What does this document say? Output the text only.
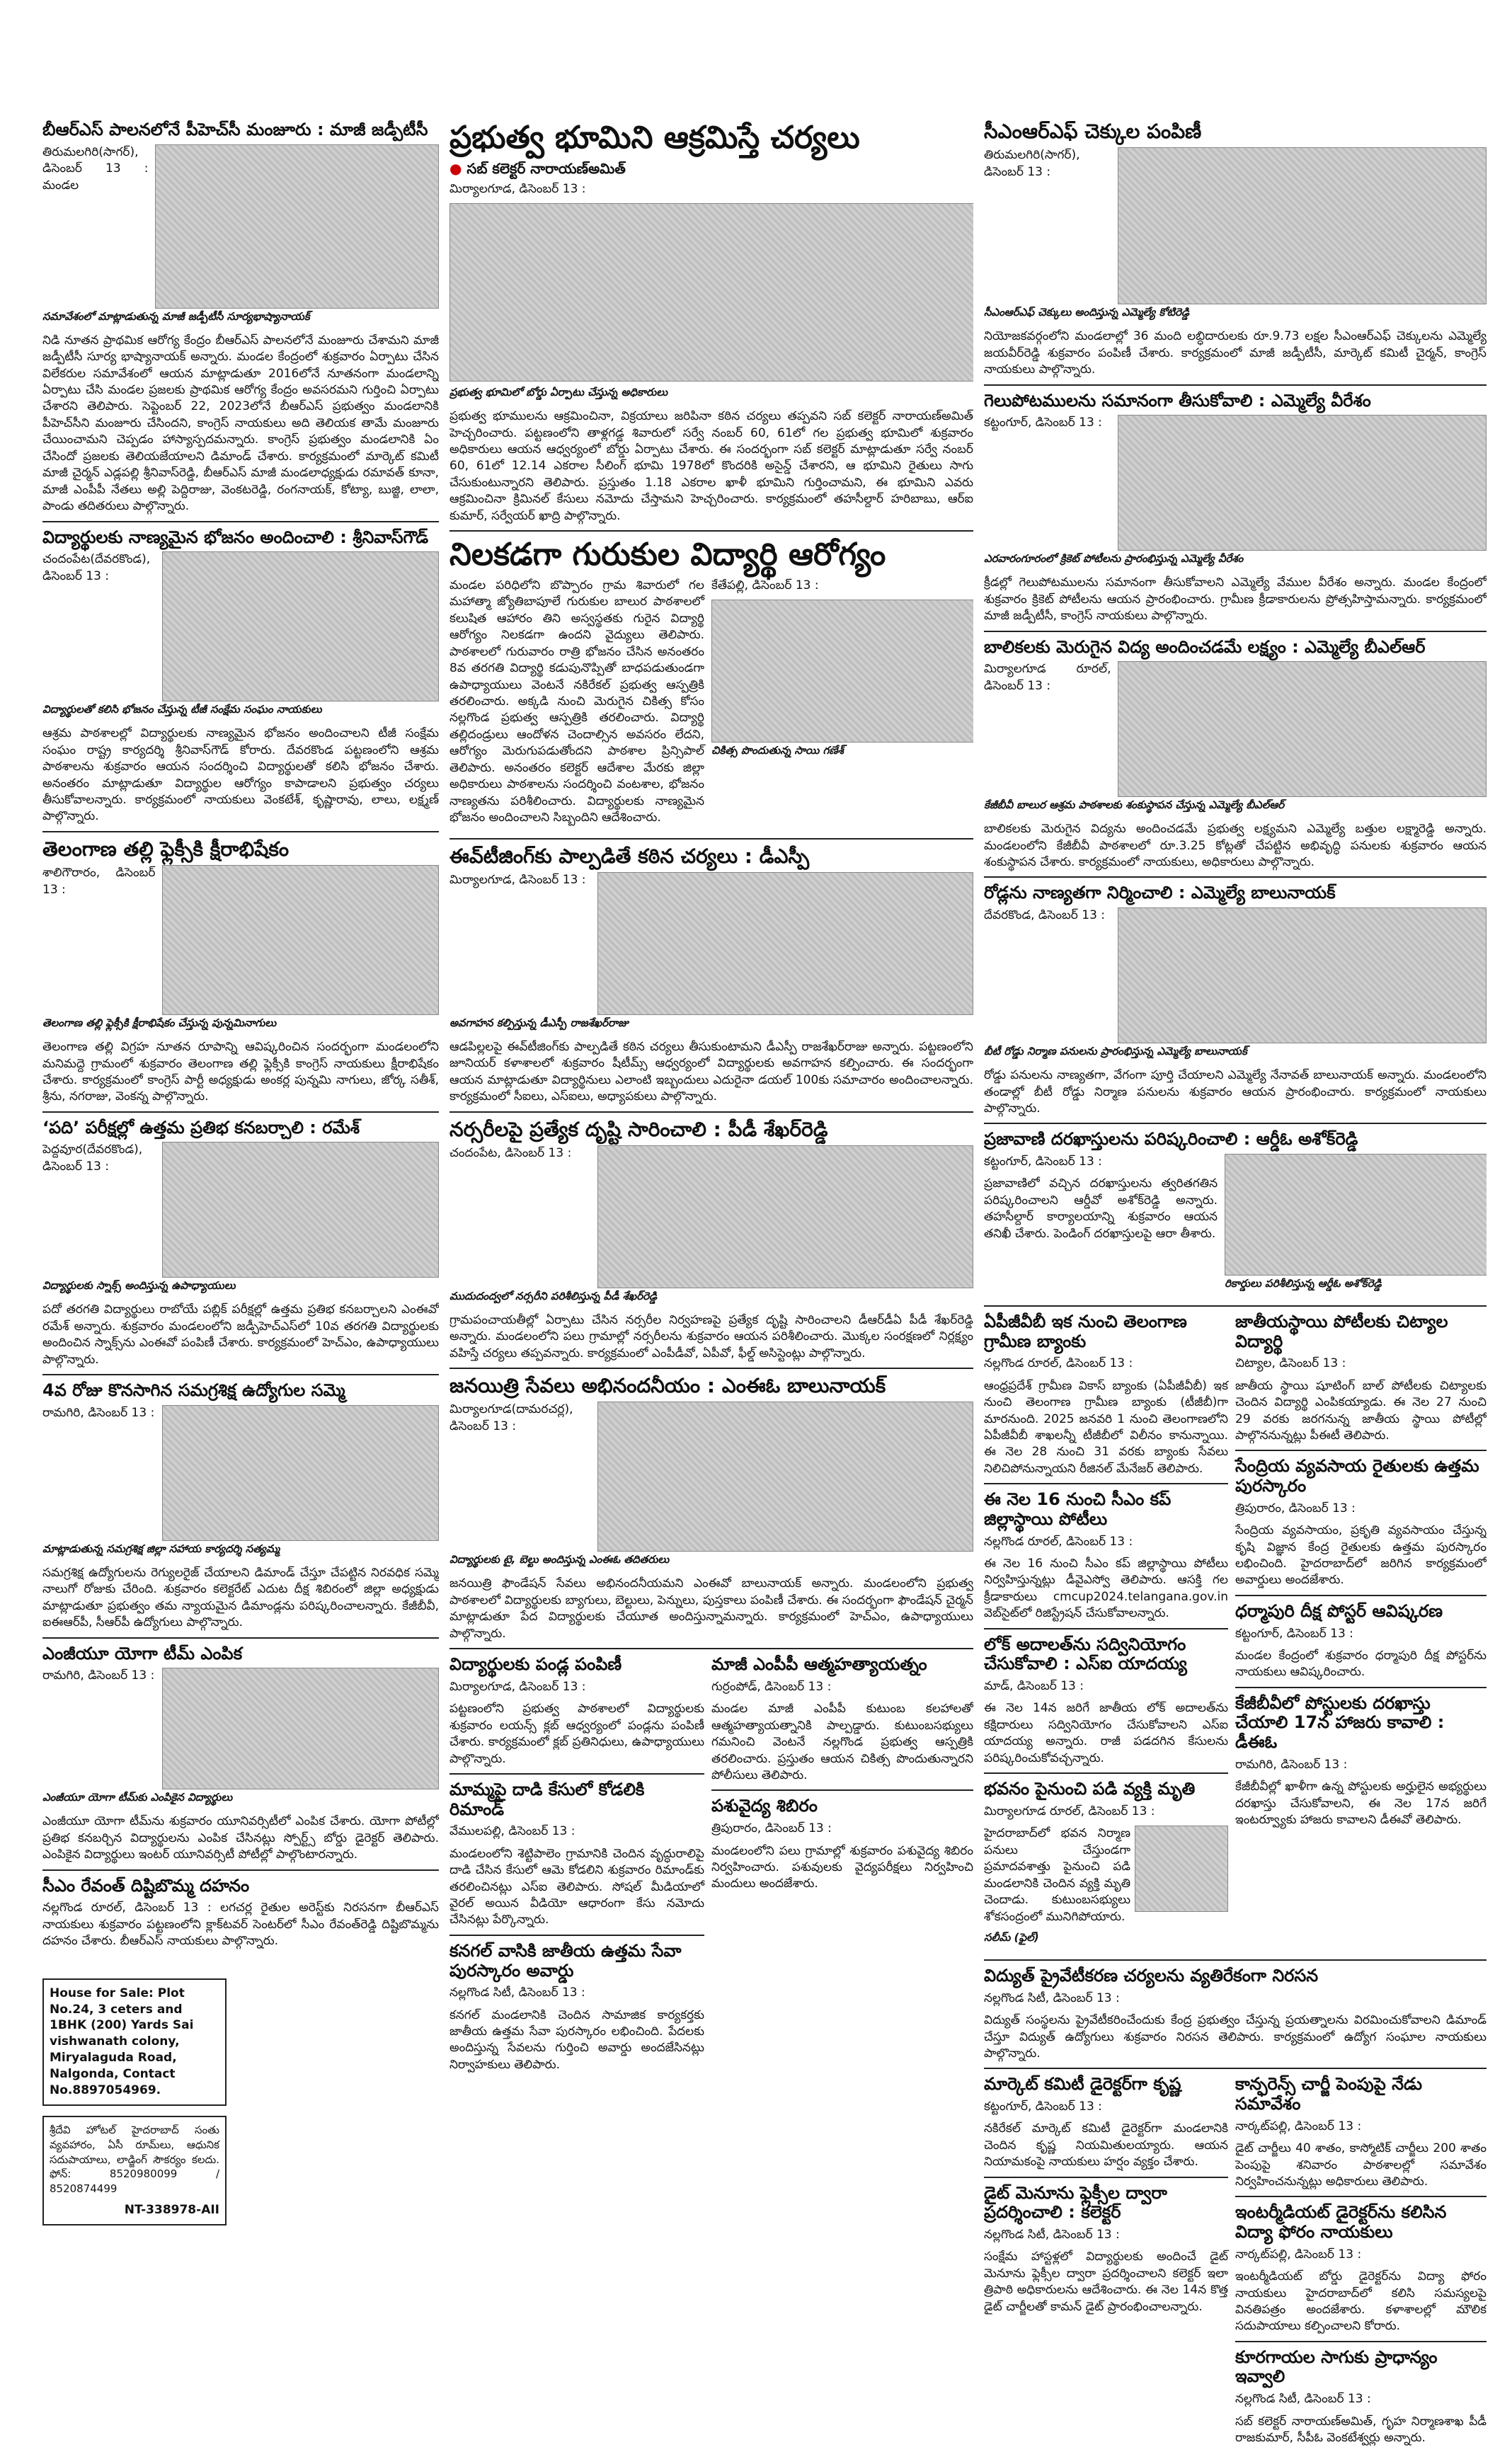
బీఆర్ఎస్ పాలనలోనే పీహెచ్‌సీ మంజూరు : మాజీ జడ్పీటీసీ
తిరుమలగిరి(సాగర్), డిసెంబర్ 13 : మండల
సమావేశంలో మాట్లాడుతున్న మాజీ జడ్పీటీసీ సూర్యభాష్యానాయక్
నిడి నూతన ప్రాథమిక ఆరోగ్య కేంద్రం బీఆర్ఎస్ పాలనలోనే మంజూరు చేశామని మాజీ జడ్పీటీసీ సూర్య భాష్యానాయక్ అన్నారు. మండల కేంద్రంలో శుక్రవారం ఏర్పాటు చేసిన విలేకరుల సమావేశంలో ఆయన మాట్లాడుతూ 2016లోనే నూతనంగా మండలాన్ని ఏర్పాటు చేసి మండల ప్రజలకు ప్రాథమిక ఆరోగ్య కేంద్రం అవసరమని గుర్తించి ఏర్పాటు చేశారని తెలిపారు. సెప్టెంబర్ 22, 2023లోనే బీఆర్ఎస్ ప్రభుత్వం మండలానికి పీహెచ్‌సీని మంజూరు చేసిందని, కాంగ్రెస్ నాయకులు అది తెలియక తామే మంజూరు చేయించామని చెప్పడం హాస్యాస్పదమన్నారు. కాంగ్రెస్ ప్రభుత్వం మండలానికి ఏం చేసిందో ప్రజలకు తెలియజేయాలని డిమాండ్ చేశారు. కార్యక్రమంలో మార్కెట్ కమిటీ మాజీ చైర్మన్ ఎడ్లపల్లి శ్రీనివాస్‌రెడ్డి, బీఆర్ఎస్ మాజీ మండలాధ్యక్షుడు రమావత్ కూనా, మాజీ ఎంపీపీ నేతలు అల్లి పెద్దిరాజు, వెంకటరెడ్డి, రంగనాయక్, కోట్యా, బుజ్జి, లాలా, పాండు తదితరులు పాల్గొన్నారు.
విద్యార్థులకు నాణ్యమైన భోజనం అందించాలి : శ్రీనివాస్‌గౌడ్
చందంపేట(దేవరకొండ), డిసెంబర్ 13 :
విద్యార్థులతో కలిసి భోజనం చేస్తున్న టీజీ సంక్షేమ సంఘం నాయకులు
ఆశ్రమ పాఠశాలల్లో విద్యార్థులకు నాణ్యమైన భోజనం అందించాలని టీజీ సంక్షేమ సంఘం రాష్ట్ర కార్యదర్శి శ్రీనివాస్‌గౌడ్ కోరారు. దేవరకొండ పట్టణంలోని ఆశ్రమ పాఠశాలను శుక్రవారం ఆయన సందర్శించి విద్యార్థులతో కలిసి భోజనం చేశారు. అనంతరం మాట్లాడుతూ విద్యార్థుల ఆరోగ్యం కాపాడాలని ప్రభుత్వం చర్యలు తీసుకోవాలన్నారు. కార్యక్రమంలో నాయకులు వెంకటేశ్, కృష్ణారావు, లాలు, లక్ష్మణ్ పాల్గొన్నారు.
తెలంగాణ తల్లి ఫ్లెక్సీకి క్షీరాభిషేకం
శాలిగౌరారం, డిసెంబర్ 13 :
తెలంగాణ తల్లి ఫ్లెక్సీకి క్షీరాభిషేకం చేస్తున్న పున్నమినాగులు
తెలంగాణ తల్లి విగ్రహ నూతన రూపాన్ని ఆవిష్కరించిన సందర్భంగా మండలంలోని మనిమద్దె గ్రామంలో శుక్రవారం తెలంగాణ తల్లి ఫ్లెక్సీకి కాంగ్రెస్ నాయకులు క్షీరాభిషేకం చేశారు. కార్యక్రమంలో కాంగ్రెస్ పార్టీ అధ్యక్షుడు అంకర్ల పున్నమి నాగులు, జోర్క సతీశ్, శ్రీను, నగరాజు, వెంకన్న పాల్గొన్నారు.
‘పది’ పరీక్షల్లో ఉత్తమ ప్రతిభ కనబర్చాలి : రమేశ్
పెద్దవూర(దేవరకొండ), డిసెంబర్ 13 :
విద్యార్థులకు స్నాక్స్ అందిస్తున్న ఉపాధ్యాయులు
పదో తరగతి విద్యార్థులు రాబోయే పబ్లిక్ పరీక్షల్లో ఉత్తమ ప్రతిభ కనబర్చాలని ఎంఈవో రమేశ్ అన్నారు. శుక్రవారం మండలంలోని జడ్పీహెచ్‌ఎస్‌లో 10వ తరగతి విద్యార్థులకు అందించిన స్నాక్స్‌ను ఎంఈవో పంపిణీ చేశారు. కార్యక్రమంలో హెచ్‌ఎం, ఉపాధ్యాయులు పాల్గొన్నారు.
4వ రోజు కొనసాగిన సమగ్రశిక్ష ఉద్యోగుల సమ్మె
రామగిరి, డిసెంబర్ 13 :
మాట్లాడుతున్న సమగ్రశిక్ష జిల్లా సహాయ కార్యదర్శి సత్యమ్మ
సమగ్రశిక్ష ఉద్యోగులను రెగ్యులరైజ్ చేయాలని డిమాండ్ చేస్తూ చేపట్టిన నిరవధిక సమ్మె నాలుగో రోజుకు చేరింది. శుక్రవారం కలెక్టరేట్ ఎదుట దీక్ష శిబిరంలో జిల్లా అధ్యక్షుడు మాట్లాడుతూ ప్రభుత్వం తమ న్యాయమైన డిమాండ్లను పరిష్కరించాలన్నారు. కేజీబీవీ, ఐఈఆర్‌పీ, సీఆర్‌పీ ఉద్యోగులు పాల్గొన్నారు.
ఎంజీయూ యోగా టీమ్ ఎంపిక
రామగిరి, డిసెంబర్ 13 :
ఎంజీయూ యోగా టీమ్‌కు ఎంపికైన విద్యార్థులు
ఎంజీయూ యోగా టీమ్‌ను శుక్రవారం యూనివర్సిటీలో ఎంపిక చేశారు. యోగా పోటీల్లో ప్రతిభ కనబర్చిన విద్యార్థులను ఎంపిక చేసినట్లు స్పోర్ట్స్ బోర్డు డైరెక్టర్ తెలిపారు. ఎంపికైన విద్యార్థులు ఇంటర్ యూనివర్సిటీ పోటీల్లో పాల్గొంటారన్నారు.
సీఎం రేవంత్ దిష్టిబొమ్మ దహనం
నల్లగొండ రూరల్, డిసెంబర్ 13 : లగచర్ల రైతుల అరెస్ట్‌కు నిరసనగా బీఆర్ఎస్ నాయకులు శుక్రవారం పట్టణంలోని క్లాక్‌టవర్ సెంటర్‌లో సీఎం రేవంత్‌రెడ్డి దిష్టిబొమ్మను దహనం చేశారు. బీఆర్ఎస్ నాయకులు పాల్గొన్నారు.
House for Sale: Plot No.24, 3 ceters and 1BHK (200) Yards Sai vishwanath colony, Miryalaguda Road, Nalgonda, Contact No.8897054969.
శ్రీదేవి హోటల్ హైదరాబాద్ సంతు వ్యవహారం, ఏసీ రూమ్‌లు, ఆధునిక సదుపాయాలు, లాడ్జింగ్ సౌకర్యం కలదు. ఫోన్: 8520980099 / 8520874499
NT-338978-AII
ప్రభుత్వ భూమిని ఆక్రమిస్తే చర్యలు
● సబ్ కలెక్టర్ నారాయణ్‌అమిత్
మిర్యాలగూడ, డిసెంబర్ 13 :
ప్రభుత్వ భూమిలో బోర్డు ఏర్పాటు చేస్తున్న అధికారులు
ప్రభుత్వ భూములను ఆక్రమించినా, విక్రయాలు జరిపినా కఠిన చర్యలు తప్పవని సబ్ కలెక్టర్ నారాయణ్‌అమిత్ హెచ్చరించారు. పట్టణంలోని తాళ్లగడ్డ శివారులో సర్వే నంబర్ 60, 61లో గల ప్రభుత్వ భూమిలో శుక్రవారం అధికారులు ఆయన ఆధ్వర్యంలో బోర్డు ఏర్పాటు చేశారు. ఈ సందర్భంగా సబ్ కలెక్టర్ మాట్లాడుతూ సర్వే నంబర్ 60, 61లో 12.14 ఎకరాల సీలింగ్ భూమి 1978లో కొందరికి అసైన్డ్ చేశారని, ఆ భూమిని రైతులు సాగు చేసుకుంటున్నారని తెలిపారు. ప్రస్తుతం 1.18 ఎకరాల ఖాళీ భూమిని గుర్తించామని, ఈ భూమిని ఎవరు ఆక్రమించినా క్రిమినల్ కేసులు నమోదు చేస్తామని హెచ్చరించారు. కార్యక్రమంలో తహసీల్దార్ హరిబాబు, ఆర్ఐ కుమార్, సర్వేయర్ ఖాద్రి పాల్గొన్నారు.
నిలకడగా గురుకుల విద్యార్థి ఆరోగ్యం
మండల పరిధిలోని బొప్పారం గ్రామ శివారులో గల మహాత్మా జ్యోతిబాపూలే గురుకుల బాలుర పాఠశాలలో కలుషిత ఆహారం తిని అస్వస్థతకు గురైన విద్యార్థి ఆరోగ్యం నిలకడగా ఉందని వైద్యులు తెలిపారు. పాఠశాలలో గురువారం రాత్రి భోజనం చేసిన అనంతరం 8వ తరగతి విద్యార్థి కడుపునొప్పితో బాధపడుతుండగా ఉపాధ్యాయులు వెంటనే నకిరేకల్ ప్రభుత్వ ఆస్పత్రికి తరలించారు. అక్కడి నుంచి మెరుగైన చికిత్స కోసం నల్లగొండ ప్రభుత్వ ఆస్పత్రికి తరలించారు. విద్యార్థి తల్లిదండ్రులు ఆందోళన చెందాల్సిన అవసరం లేదని, ఆరోగ్యం మెరుగుపడుతోందని పాఠశాల ప్రిన్సిపాల్ తెలిపారు. అనంతరం కలెక్టర్ ఆదేశాల మేరకు జిల్లా అధికారులు పాఠశాలను సందర్శించి వంటశాల, భోజనం నాణ్యతను పరిశీలించారు. విద్యార్థులకు నాణ్యమైన భోజనం అందించాలని సిబ్బందిని ఆదేశించారు.
కేతేపల్లి, డిసెంబర్ 13 :
చికిత్స పొందుతున్న సాయి గణేశ్
ఈవ్‌టీజింగ్‌కు పాల్పడితే కఠిన చర్యలు : డీఎస్పీ
మిర్యాలగూడ, డిసెంబర్ 13 :
అవగాహన కల్పిస్తున్న డీఎస్పీ రాజశేఖర్‌రాజు
ఆడపిల్లలపై ఈవ్‌టీజింగ్‌కు పాల్పడితే కఠిన చర్యలు తీసుకుంటామని డీఎస్పీ రాజశేఖర్‌రాజు అన్నారు. పట్టణంలోని జూనియర్ కళాశాలలో శుక్రవారం షీటీమ్స్ ఆధ్వర్యంలో విద్యార్థులకు అవగాహన కల్పించారు. ఈ సందర్భంగా ఆయన మాట్లాడుతూ విద్యార్థినులు ఎలాంటి ఇబ్బందులు ఎదురైనా డయల్ 100కు సమాచారం అందించాలన్నారు. కార్యక్రమంలో సీఐలు, ఎస్ఐలు, అధ్యాపకులు పాల్గొన్నారు.
నర్సరీలపై ప్రత్యేక దృష్టి సారించాలి : పీడీ శేఖర్‌రెడ్డి
చందంపేట, డిసెంబర్ 13 :
ముదుదంద్వలో నర్సరీని పరిశీలిస్తున్న పీడీ శేఖర్‌రెడ్డి
గ్రామపంచాయతీల్లో ఏర్పాటు చేసిన నర్సరీల నిర్వహణపై ప్రత్యేక దృష్టి సారించాలని డీఆర్‌డీఏ పీడీ శేఖర్‌రెడ్డి అన్నారు. మండలంలోని పలు గ్రామాల్లో నర్సరీలను శుక్రవారం ఆయన పరిశీలించారు. మొక్కల సంరక్షణలో నిర్లక్ష్యం వహిస్తే చర్యలు తప్పవన్నారు. కార్యక్రమంలో ఎంపీడీవో, ఏపీవో, ఫీల్డ్ అసిస్టెంట్లు పాల్గొన్నారు.
జనయిత్రి సేవలు అభినందనీయం : ఎంఈఓ బాలునాయక్
మిర్యాలగూడ(దామరచర్ల), డిసెంబర్ 13 :
విద్యార్థులకు టై, బెల్టు అందిస్తున్న ఎంఈఓ తదితరులు
జనయిత్రి ఫౌండేషన్ సేవలు అభినందనీయమని ఎంఈవో బాలునాయక్ అన్నారు. మండలంలోని ప్రభుత్వ పాఠశాలలో విద్యార్థులకు బ్యాగులు, బెల్టులు, పెన్నులు, పుస్తకాలు పంపిణీ చేశారు. ఈ సందర్భంగా ఫౌండేషన్ చైర్మన్ మాట్లాడుతూ పేద విద్యార్థులకు చేయూత అందిస్తున్నామన్నారు. కార్యక్రమంలో హెచ్‌ఎం, ఉపాధ్యాయులు పాల్గొన్నారు.
విద్యార్థులకు పండ్ల పంపిణీ
మిర్యాలగూడ, డిసెంబర్ 13 :
పట్టణంలోని ప్రభుత్వ పాఠశాలలో విద్యార్థులకు శుక్రవారం లయన్స్ క్లబ్ ఆధ్వర్యంలో పండ్లను పంపిణీ చేశారు. కార్యక్రమంలో క్లబ్ ప్రతినిధులు, ఉపాధ్యాయులు పాల్గొన్నారు.
మామ్మపై దాడి కేసులో కోడలికి రిమాండ్
వేములపల్లి, డిసెంబర్ 13 :
మండలంలోని శెట్టిపాలెం గ్రామానికి చెందిన వృద్ధురాలిపై దాడి చేసిన కేసులో ఆమె కోడలిని శుక్రవారం రిమాండ్‌కు తరలించినట్లు ఎస్ఐ తెలిపారు. సోషల్ మీడియాలో వైరల్ అయిన వీడియో ఆధారంగా కేసు నమోదు చేసినట్లు పేర్కొన్నారు.
కనగల్ వాసికి జాతీయ ఉత్తమ సేవా పురస్కారం అవార్డు
నల్లగొండ సిటీ, డిసెంబర్ 13 :
కనగల్ మండలానికి చెందిన సామాజిక కార్యకర్తకు జాతీయ ఉత్తమ సేవా పురస్కారం లభించింది. పేదలకు అందిస్తున్న సేవలను గుర్తించి అవార్డు అందజేసినట్లు నిర్వాహకులు తెలిపారు.
మాజీ ఎంపీపీ ఆత్మహత్యాయత్నం
గుర్రంపోడ్, డిసెంబర్ 13 :
మండల మాజీ ఎంపీపీ కుటుంబ కలహాలతో ఆత్మహత్యాయత్నానికి పాల్పడ్డారు. కుటుంబసభ్యులు గమనించి వెంటనే నల్లగొండ ప్రభుత్వ ఆస్పత్రికి తరలించారు. ప్రస్తుతం ఆయన చికిత్స పొందుతున్నారని పోలీసులు తెలిపారు.
పశువైద్య శిబిరం
త్రిపురారం, డిసెంబర్ 13 :
మండలంలోని పలు గ్రామాల్లో శుక్రవారం పశువైద్య శిబిరం నిర్వహించారు. పశువులకు వైద్యపరీక్షలు నిర్వహించి మందులు అందజేశారు.
సీఎంఆర్ఎఫ్ చెక్కుల పంపిణీ
తిరుమలగిరి(సాగర్), డిసెంబర్ 13 :
సీఎంఆర్ఎఫ్ చెక్కులు అందిస్తున్న ఎమ్మెల్యే కోటిరెడ్డి
నియోజకవర్గంలోని మండలాల్లో 36 మంది లబ్ధిదారులకు రూ.9.73 లక్షల సీఎంఆర్ఎఫ్ చెక్కులను ఎమ్మెల్యే జయవీర్‌రెడ్డి శుక్రవారం పంపిణీ చేశారు. కార్యక్రమంలో మాజీ జడ్పీటీసీ, మార్కెట్ కమిటీ చైర్మన్, కాంగ్రెస్ నాయకులు పాల్గొన్నారు.
గెలుపోటములను సమానంగా తీసుకోవాలి : ఎమ్మెల్యే వీరేశం
కట్టంగూర్, డిసెంబర్ 13 :
ఎరవారంగూరంలో క్రికెట్ పోటీలను ప్రారంభిస్తున్న ఎమ్మెల్యే వీరేశం
క్రీడల్లో గెలుపోటములను సమానంగా తీసుకోవాలని ఎమ్మెల్యే వేముల వీరేశం అన్నారు. మండల కేంద్రంలో శుక్రవారం క్రికెట్ పోటీలను ఆయన ప్రారంభించారు. గ్రామీణ క్రీడాకారులను ప్రోత్సహిస్తామన్నారు. కార్యక్రమంలో మాజీ జడ్పీటీసీ, కాంగ్రెస్ నాయకులు పాల్గొన్నారు.
బాలికలకు మెరుగైన విద్య అందించడమే లక్ష్యం : ఎమ్మెల్యే బీఎల్ఆర్
మిర్యాలగూడ రూరల్, డిసెంబర్ 13 :
కేజీబీవీ బాలుర ఆశ్రమ పాఠశాలకు శంకుస్థాపన చేస్తున్న ఎమ్మెల్యే బీఎల్ఆర్
బాలికలకు మెరుగైన విద్యను అందించడమే ప్రభుత్వ లక్ష్యమని ఎమ్మెల్యే బత్తుల లక్ష్మారెడ్డి అన్నారు. మండలంలోని కేజీబీవీ పాఠశాలలో రూ.3.25 కోట్లతో చేపట్టిన అభివృద్ధి పనులకు శుక్రవారం ఆయన శంకుస్థాపన చేశారు. కార్యక్రమంలో నాయకులు, అధికారులు పాల్గొన్నారు.
రోడ్లను నాణ్యతగా నిర్మించాలి : ఎమ్మెల్యే బాలునాయక్
దేవరకొండ, డిసెంబర్ 13 :
బీటీ రోడ్డు నిర్మాణ పనులను ప్రారంభిస్తున్న ఎమ్మెల్యే బాలునాయక్
రోడ్డు పనులను నాణ్యతగా, వేగంగా పూర్తి చేయాలని ఎమ్మెల్యే నేనావత్ బాలునాయక్ అన్నారు. మండలంలోని తండాల్లో బీటీ రోడ్డు నిర్మాణ పనులను శుక్రవారం ఆయన ప్రారంభించారు. కార్యక్రమంలో నాయకులు పాల్గొన్నారు.
ప్రజావాణి దరఖాస్తులను పరిష్కరించాలి : ఆర్డీఓ అశోక్‌రెడ్డి
కట్టంగూర్, డిసెంబర్ 13 :
ప్రజావాణిలో వచ్చిన దరఖాస్తులను త్వరితగతిన పరిష్కరించాలని ఆర్డీవో అశోక్‌రెడ్డి అన్నారు. తహసీల్దార్ కార్యాలయాన్ని శుక్రవారం ఆయన తనిఖీ చేశారు. పెండింగ్ దరఖాస్తులపై ఆరా తీశారు.
రికార్డులు పరిశీలిస్తున్న ఆర్డీఓ అశోక్‌రెడ్డి
ఏపీజీవీబీ ఇక నుంచి తెలంగాణ గ్రామీణ బ్యాంకు
నల్లగొండ రూరల్, డిసెంబర్ 13 :
ఆంధ్రప్రదేశ్ గ్రామీణ వికాస్ బ్యాంకు (ఏపీజీవీబీ) ఇక నుంచి తెలంగాణ గ్రామీణ బ్యాంకు (టీజీబీ)గా మారనుంది. 2025 జనవరి 1 నుంచి తెలంగాణలోని ఏపీజీవీబీ శాఖలన్నీ టీజీబీలో విలీనం కానున్నాయి. ఈ నెల 28 నుంచి 31 వరకు బ్యాంకు సేవలు నిలిచిపోనున్నాయని రీజినల్ మేనేజర్ తెలిపారు.
ఈ నెల 16 నుంచి సీఎం కప్ జిల్లాస్థాయి పోటీలు
నల్లగొండ రూరల్, డిసెంబర్ 13 :
ఈ నెల 16 నుంచి సీఎం కప్ జిల్లాస్థాయి పోటీలు నిర్వహిస్తున్నట్లు డీవైఎస్వో తెలిపారు. ఆసక్తి గల క్రీడాకారులు cmcup2024.telangana.gov.in వెబ్‌సైట్‌లో రిజిస్ట్రేషన్ చేసుకోవాలన్నారు.
లోక్ అదాలత్‌ను సద్వినియోగం చేసుకోవాలి : ఎస్ఐ యాదయ్య
మాడ్, డిసెంబర్ 13 :
ఈ నెల 14న జరిగే జాతీయ లోక్ అదాలత్‌ను కక్షిదారులు సద్వినియోగం చేసుకోవాలని ఎస్ఐ యాదయ్య అన్నారు. రాజీ పడదగిన కేసులను పరిష్కరించుకోవచ్చన్నారు.
భవనం పైనుంచి పడి వ్యక్తి మృతి
మిర్యాలగూడ రూరల్, డిసెంబర్ 13 :
హైదరాబాద్‌లో భవన నిర్మాణ పనులు చేస్తుండగా ప్రమాదవశాత్తు పైనుంచి పడి మండలానికి చెందిన వ్యక్తి మృతి చెందాడు. కుటుంబసభ్యులు శోకసంద్రంలో మునిగిపోయారు.
సలీమ్ (ఫైల్)
జాతీయస్థాయి పోటీలకు చిట్యాల విద్యార్థి
చిట్యాల, డిసెంబర్ 13 :
జాతీయ స్థాయి షూటింగ్ బాల్ పోటీలకు చిట్యాలకు చెందిన విద్యార్థి ఎంపికయ్యాడు. ఈ నెల 27 నుంచి 29 వరకు జరగనున్న జాతీయ స్థాయి పోటీల్లో పాల్గొననున్నట్లు పీఈటీ తెలిపారు.
సేంద్రియ వ్యవసాయ రైతులకు ఉత్తమ పురస్కారం
త్రిపురారం, డిసెంబర్ 13 :
సేంద్రియ వ్యవసాయం, ప్రకృతి వ్యవసాయం చేస్తున్న కృషి విజ్ఞాన కేంద్ర రైతులకు ఉత్తమ పురస్కారం లభించింది. హైదరాబాద్‌లో జరిగిన కార్యక్రమంలో అవార్డులు అందజేశారు.
ధర్మాపురి దీక్ష పోస్టర్ ఆవిష్కరణ
కట్టంగూర్, డిసెంబర్ 13 :
మండల కేంద్రంలో శుక్రవారం ధర్మాపురి దీక్ష పోస్టర్‌ను నాయకులు ఆవిష్కరించారు.
కేజీబీవీలో పోస్టులకు దరఖాస్తు చేయాలి 17న హాజరు కావాలి : డీఈఓ
రామగిరి, డిసెంబర్ 13 :
కేజీబీవీల్లో ఖాళీగా ఉన్న పోస్టులకు అర్హులైన అభ్యర్థులు దరఖాస్తు చేసుకోవాలని, ఈ నెల 17న జరిగే ఇంటర్వ్యూకు హాజరు కావాలని డీఈవో తెలిపారు.
విద్యుత్ ప్రైవేటీకరణ చర్యలను వ్యతిరేకంగా నిరసన
నల్లగొండ సిటీ, డిసెంబర్ 13 :
విద్యుత్ సంస్థలను ప్రైవేటీకరించేందుకు కేంద్ర ప్రభుత్వం చేస్తున్న ప్రయత్నాలను విరమించుకోవాలని డిమాండ్ చేస్తూ విద్యుత్ ఉద్యోగులు శుక్రవారం నిరసన తెలిపారు. కార్యక్రమంలో ఉద్యోగ సంఘాల నాయకులు పాల్గొన్నారు.
మార్కెట్ కమిటీ డైరెక్టర్‌గా కృష్ణ
కట్టంగూర్, డిసెంబర్ 13 :
నకిరేకల్ మార్కెట్ కమిటీ డైరెక్టర్‌గా మండలానికి చెందిన కృష్ణ నియమితులయ్యారు. ఆయన నియామకంపై నాయకులు హర్షం వ్యక్తం చేశారు.
డైట్ మెనూను ఫ్లెక్సీల ద్వారా ప్రదర్శించాలి : కలెక్టర్
నల్లగొండ సిటీ, డిసెంబర్ 13 :
సంక్షేమ హాస్టళ్లలో విద్యార్థులకు అందించే డైట్ మెనూను ఫ్లెక్సీల ద్వారా ప్రదర్శించాలని కలెక్టర్ ఇలా త్రిపాఠి అధికారులను ఆదేశించారు. ఈ నెల 14న కొత్త డైట్ చార్జీలతో కామన్ డైట్ ప్రారంభించాలన్నారు.
కాన్ఫరెన్స్ చార్జీ పెంపుపై నేడు సమావేశం
నార్కట్‌పల్లి, డిసెంబర్ 13 :
డైట్ చార్జీలు 40 శాతం, కాస్మోటిక్ చార్జీలు 200 శాతం పెంపుపై శనివారం పాఠశాలల్లో సమావేశం నిర్వహించనున్నట్లు అధికారులు తెలిపారు.
ఇంటర్మీడియట్ డైరెక్టర్‌ను కలిసిన విద్యా ఫోరం నాయకులు
నార్కట్‌పల్లి, డిసెంబర్ 13 :
ఇంటర్మీడియట్ బోర్డు డైరెక్టర్‌ను విద్యా ఫోరం నాయకులు హైదరాబాద్‌లో కలిసి సమస్యలపై వినతిపత్రం అందజేశారు. కళాశాలల్లో మౌలిక సదుపాయాలు కల్పించాలని కోరారు.
కూరగాయల సాగుకు ప్రాధాన్యం ఇవ్వాలి
నల్లగొండ సిటీ, డిసెంబర్ 13 :
సబ్ కలెక్టర్ నారాయణ్‌అమిత్, గృహ నిర్మాణశాఖ పీడీ రాజకుమార్, సీపీఓ వెంకటేశ్వర్లు అన్నారు.
